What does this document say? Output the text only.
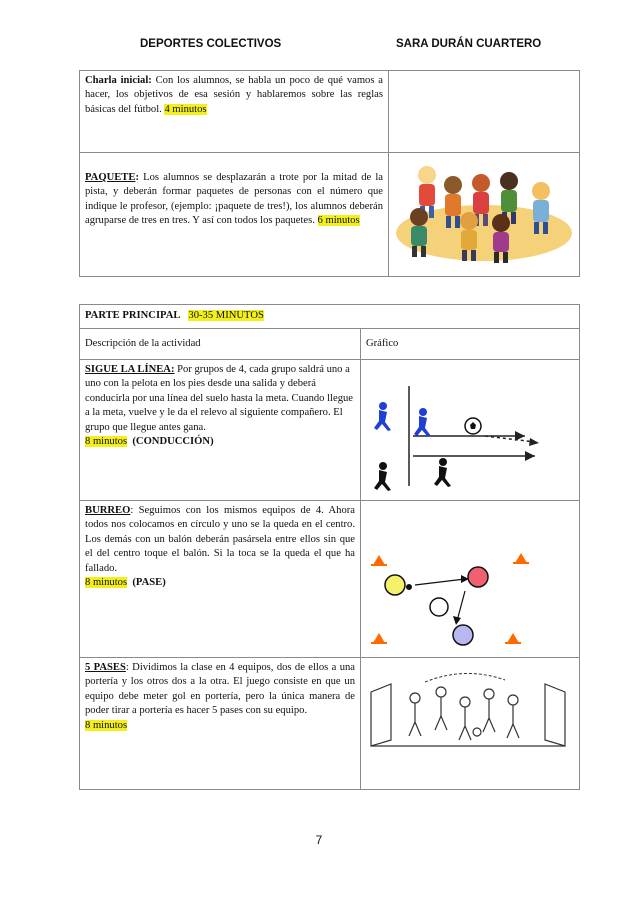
DEPORTES COLECTIVOS	SARA DURÁN CUARTERO
Charla inicial: Con los alumnos, se habla un poco de qué vamos a hacer, los objetivos de esa sesión y hablaremos sobre las reglas básicas del fútbol. 4 minutos	
PAQUETE: Los alumnos se desplazarán a trote por la mitad de la pista, y deberán formar paquetes de personas con el número que indique le profesor, (ejemplo: ¡paquete de tres!), los alumnos deberán agruparse de tres en tres. Y así con todos los paquetes. 6 minutos	
PARTE PRINCIPAL 30-35 MINUTOS	
Descripción de la actividad	Gráfico
SIGUE LA LÍNEA: Por grupos de 4, cada grupo saldrá uno a uno con la pelota en los pies desde una salida y deberá conducirla por una línea del suelo hasta la meta. Cuando llegue a la meta, vuelve y le da el relevo al siguiente compañero. El grupo que llegue antes gana.
8 minutos (CONDUCCIÓN)	

BURREO: Seguimos con los mismos equipos de 4. Ahora todos nos colocamos en círculo y uno se la queda en el centro. Los demás con un balón deberán pasársela entre ellos sin que el del centro toque el balón. Si la toca se la queda el que ha fallado.
8 minutos (PASE)	

5 PASES: Dividimos la clase en 4 equipos, dos de ellos a una portería y los otros dos a la otra. El juego consiste en que un equipo debe meter gol en portería, pero la única manera de poder tirar a portería es hacer 5 pases con su equipo.
8 minutos	
7
